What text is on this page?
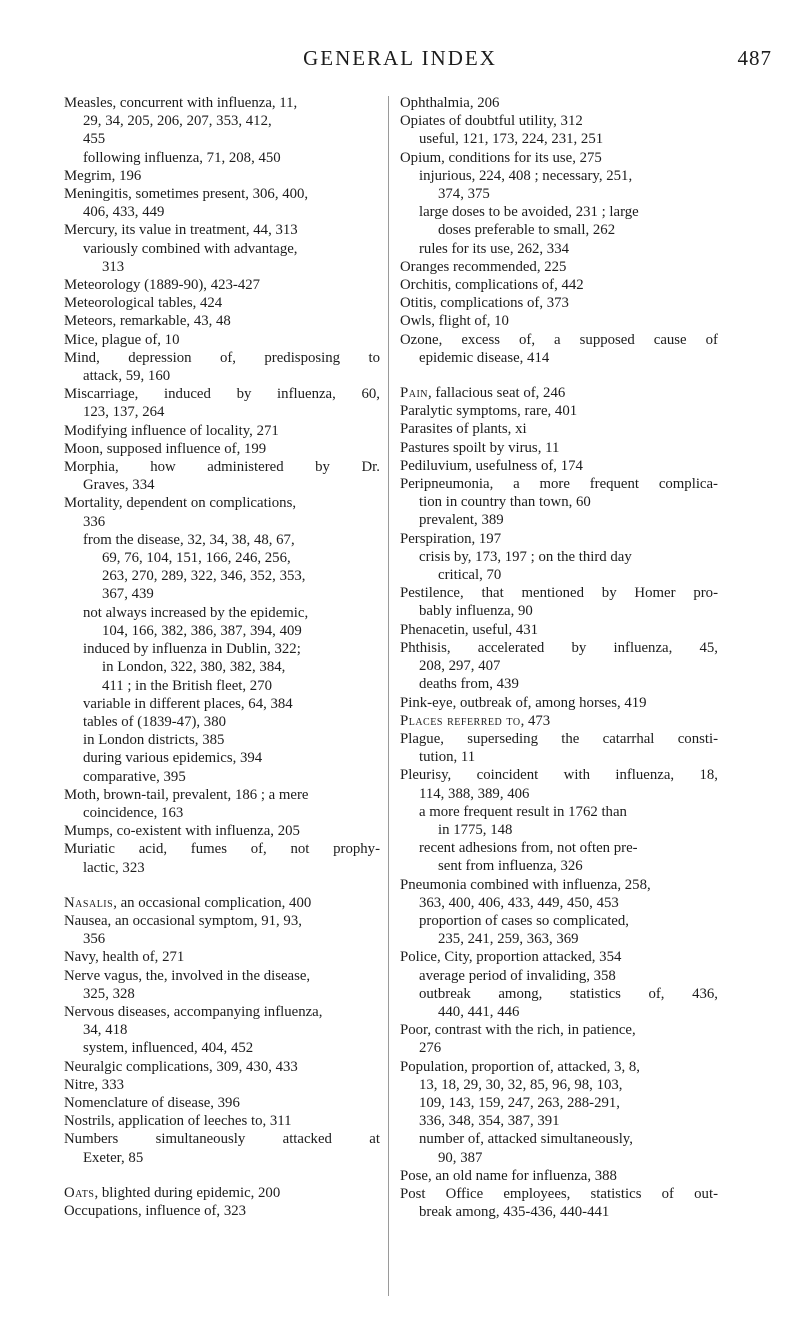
GENERAL INDEX	487
Measles, concurrent with influenza, 11,
29, 34, 205, 206, 207, 353, 412,
455
following influenza, 71, 208, 450
Megrim, 196
Meningitis, sometimes present, 306, 400,
406, 433, 449
Mercury, its value in treatment, 44, 313
variously combined with advantage,
313
Meteorology (1889-90), 423-427
Meteorological tables, 424
Meteors, remarkable, 43, 48
Mice, plague of, 10
Mind, depression of, predisposing to
attack, 59, 160
Miscarriage, induced by influenza, 60,
123, 137, 264
Modifying influence of locality, 271
Moon, supposed influence of, 199
Morphia, how administered by Dr.
Graves, 334
Mortality, dependent on complications,
336
from the disease, 32, 34, 38, 48, 67,
69, 76, 104, 151, 166, 246, 256,
263, 270, 289, 322, 346, 352, 353,
367, 439
not always increased by the epidemic,
104, 166, 382, 386, 387, 394, 409
induced by influenza in Dublin, 322;
in London, 322, 380, 382, 384,
411 ; in the British fleet, 270
variable in different places, 64, 384
tables of (1839-47), 380
in London districts, 385
during various epidemics, 394
comparative, 395
Moth, brown-tail, prevalent, 186 ; a mere
coincidence, 163
Mumps, co-existent with influenza, 205
Muriatic acid, fumes of, not prophy-
lactic, 323
Nasalis, an occasional complication, 400
Nausea, an occasional symptom, 91, 93,
356
Navy, health of, 271
Nerve vagus, the, involved in the disease,
325, 328
Nervous diseases, accompanying influenza,
34, 418
system, influenced, 404, 452
Neuralgic complications, 309, 430, 433
Nitre, 333
Nomenclature of disease, 396
Nostrils, application of leeches to, 311
Numbers simultaneously attacked at
Exeter, 85
Oats, blighted during epidemic, 200
Occupations, influence of, 323
Ophthalmia, 206
Opiates of doubtful utility, 312
useful, 121, 173, 224, 231, 251
Opium, conditions for its use, 275
injurious, 224, 408 ; necessary, 251,
374, 375
large doses to be avoided, 231 ; large
doses preferable to small, 262
rules for its use, 262, 334
Oranges recommended, 225
Orchitis, complications of, 442
Otitis, complications of, 373
Owls, flight of, 10
Ozone, excess of, a supposed cause of
epidemic disease, 414
Pain, fallacious seat of, 246
Paralytic symptoms, rare, 401
Parasites of plants, xi
Pastures spoilt by virus, 11
Pediluvium, usefulness of, 174
Peripneumonia, a more frequent complica-
tion in country than town, 60
prevalent, 389
Perspiration, 197
crisis by, 173, 197 ; on the third day
critical, 70
Pestilence, that mentioned by Homer pro-
bably influenza, 90
Phenacetin, useful, 431
Phthisis, accelerated by influenza, 45,
208, 297, 407
deaths from, 439
Pink-eye, outbreak of, among horses, 419
Places referred to, 473
Plague, superseding the catarrhal consti-
tution, 11
Pleurisy, coincident with influenza, 18,
114, 388, 389, 406
a more frequent result in 1762 than
in 1775, 148
recent adhesions from, not often pre-
sent from influenza, 326
Pneumonia combined with influenza, 258,
363, 400, 406, 433, 449, 450, 453
proportion of cases so complicated,
235, 241, 259, 363, 369
Police, City, proportion attacked, 354
average period of invaliding, 358
outbreak among, statistics of, 436,
440, 441, 446
Poor, contrast with the rich, in patience,
276
Population, proportion of, attacked, 3, 8,
13, 18, 29, 30, 32, 85, 96, 98, 103,
109, 143, 159, 247, 263, 288-291,
336, 348, 354, 387, 391
number of, attacked simultaneously,
90, 387
Pose, an old name for influenza, 388
Post Office employees, statistics of out-
break among, 435-436, 440-441
